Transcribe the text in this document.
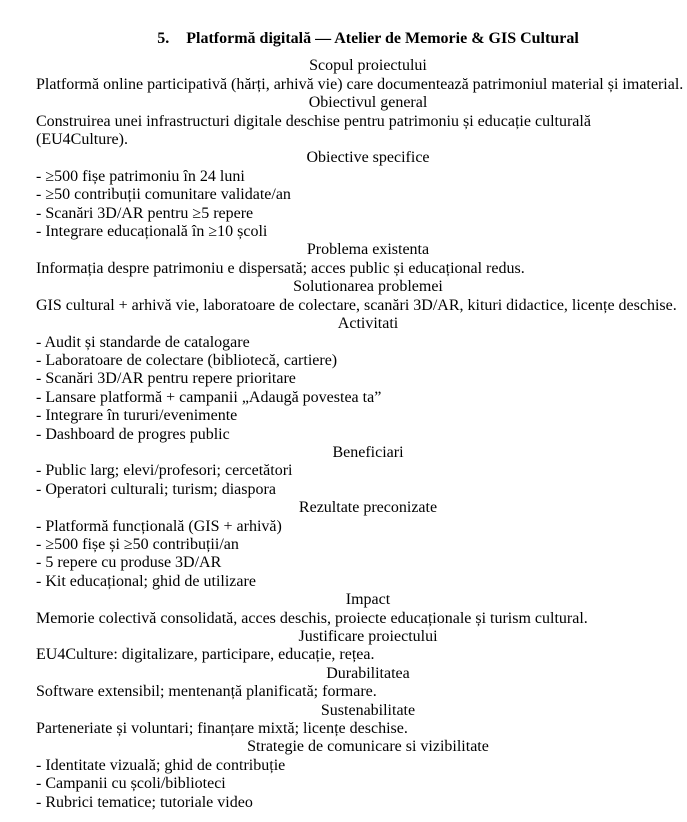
5. Platformă digitală — Atelier de Memorie & GIS Cultural
Scopul proiectului
Platformă online participativă (hărți, arhivă vie) care documentează patrimoniul material și imaterial.
Obiectivul general
Construirea unei infrastructuri digitale deschise pentru patrimoniu și educație culturală
(EU4Culture).
Obiective specifice
- ≥500 fișe patrimoniu în 24 luni
- ≥50 contribuții comunitare validate/an
- Scanări 3D/AR pentru ≥5 repere
- Integrare educațională în ≥10 școli
Problema existenta
Informația despre patrimoniu e dispersată; acces public și educațional redus.
Solutionarea problemei
GIS cultural + arhivă vie, laboratoare de colectare, scanări 3D/AR, kituri didactice, licențe deschise.
Activitati
- Audit și standarde de catalogare
- Laboratoare de colectare (bibliotecă, cartiere)
- Scanări 3D/AR pentru repere prioritare
- Lansare platformă + campanii „Adaugă povestea ta”
- Integrare în tururi/evenimente
- Dashboard de progres public
Beneficiari
- Public larg; elevi/profesori; cercetători
- Operatori culturali; turism; diaspora
Rezultate preconizate
- Platformă funcțională (GIS + arhivă)
- ≥500 fișe și ≥50 contribuții/an
- 5 repere cu produse 3D/AR
- Kit educațional; ghid de utilizare
Impact
Memorie colectivă consolidată, acces deschis, proiecte educaționale și turism cultural.
Justificare proiectului
EU4Culture: digitalizare, participare, educație, rețea.
Durabilitatea
Software extensibil; mentenanță planificată; formare.
Sustenabilitate
Parteneriate și voluntari; finanțare mixtă; licențe deschise.
Strategie de comunicare si vizibilitate
- Identitate vizuală; ghid de contribuție
- Campanii cu școli/biblioteci
- Rubrici tematice; tutoriale video
